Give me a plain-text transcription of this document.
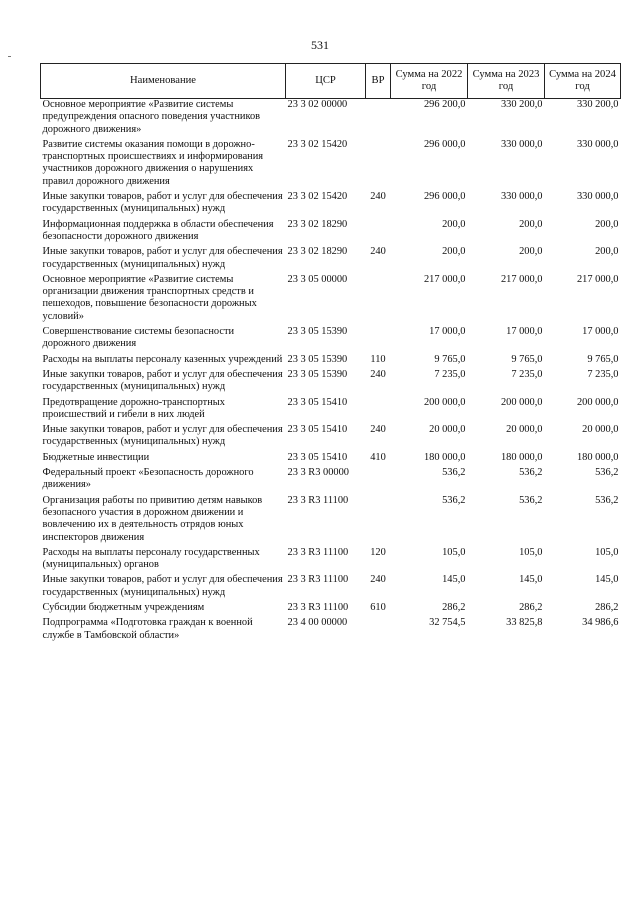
531
Наименование	ЦСР	ВР	Сумма на 2022 год	Сумма на 2023 год	Сумма на 2024 год
Основное мероприятие «Развитие системы предупреждения опасного поведения участников дорожного движения»	23 3 02 00000		296 200,0	330 200,0	330 200,0
Развитие системы оказания помощи в дорожно-транспортных происшествиях и информирования участников дорожного движения о нарушениях правил дорожного движения	23 3 02 15420		296 000,0	330 000,0	330 000,0
Иные закупки товаров, работ и услуг для обеспечения государственных (муниципальных) нужд	23 3 02 15420	240	296 000,0	330 000,0	330 000,0
Информационная поддержка в области обеспечения безопасности дорожного движения	23 3 02 18290		200,0	200,0	200,0
Иные закупки товаров, работ и услуг для обеспечения государственных (муниципальных) нужд	23 3 02 18290	240	200,0	200,0	200,0
Основное мероприятие «Развитие системы организации движения транспортных средств и пешеходов, повышение безопасности дорожных условий»	23 3 05 00000		217 000,0	217 000,0	217 000,0
Совершенствование системы безопасности дорожного движения	23 3 05 15390		17 000,0	17 000,0	17 000,0
Расходы на выплаты персоналу казенных учреждений	23 3 05 15390	110	9 765,0	9 765,0	9 765,0
Иные закупки товаров, работ и услуг для обеспечения государственных (муниципальных) нужд	23 3 05 15390	240	7 235,0	7 235,0	7 235,0
Предотвращение дорожно-транспортных происшествий и гибели в них людей	23 3 05 15410		200 000,0	200 000,0	200 000,0
Иные закупки товаров, работ и услуг для обеспечения государственных (муниципальных) нужд	23 3 05 15410	240	20 000,0	20 000,0	20 000,0
Бюджетные инвестиции	23 3 05 15410	410	180 000,0	180 000,0	180 000,0
Федеральный проект «Безопасность дорожного движения»	23 3 R3 00000		536,2	536,2	536,2
Организация работы по привитию детям навыков безопасного участия в дорожном движении и вовлечению их в деятельность отрядов юных инспекторов движения	23 3 R3 11100		536,2	536,2	536,2
Расходы на выплаты персоналу государственных (муниципальных) органов	23 3 R3 11100	120	105,0	105,0	105,0
Иные закупки товаров, работ и услуг для обеспечения государственных (муниципальных) нужд	23 3 R3 11100	240	145,0	145,0	145,0
Субсидии бюджетным учреждениям	23 3 R3 11100	610	286,2	286,2	286,2
Подпрограмма «Подготовка граждан к военной службе в Тамбовской области»	23 4 00 00000		32 754,5	33 825,8	34 986,6
